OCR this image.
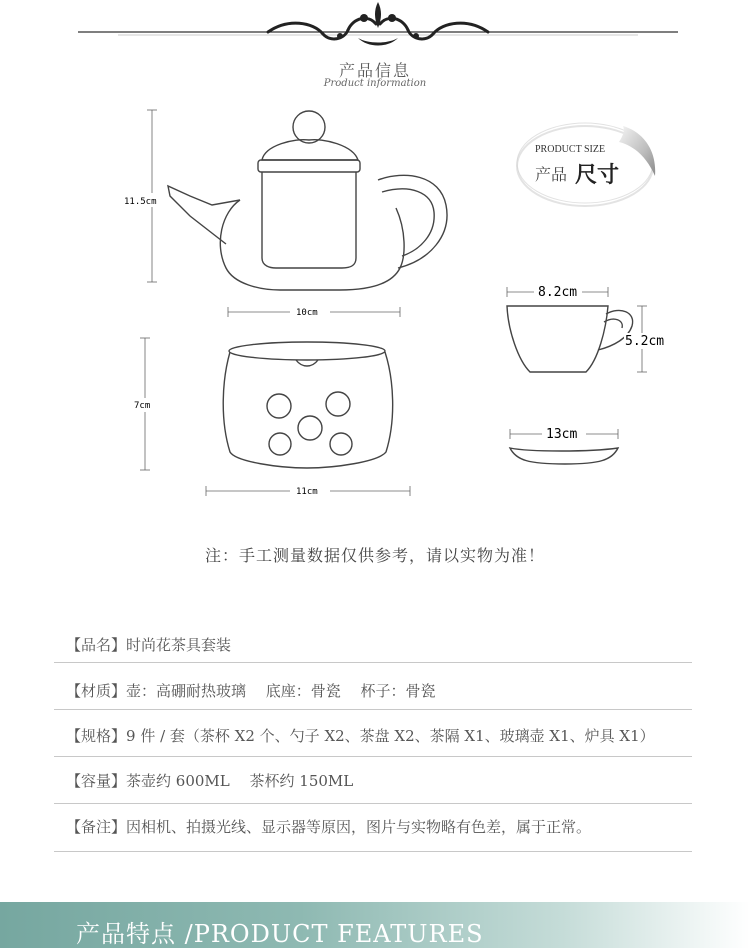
产品信息
Product information
PRODUCT SIZE
产品 尺寸
11.5cm
10cm
7cm
11cm
8.2cm
5.2cm
13cm
注：手工测量数据仅供参考，请以实物为准！
【品名】时尚花茶具套装
【材质】壶：高硼耐热玻璃　 底座：骨瓷　 杯子：骨瓷
【规格】9 件 / 套（茶杯 X2 个、勺子 X2、茶盘 X2、茶隔 X1、玻璃壶 X1、炉具 X1）
【容量】茶壶约 600ML　 茶杯约 150ML
【备注】因相机、拍摄光线、显示器等原因，图片与实物略有色差，属于正常。
产品特点 /PRODUCT FEATURES
